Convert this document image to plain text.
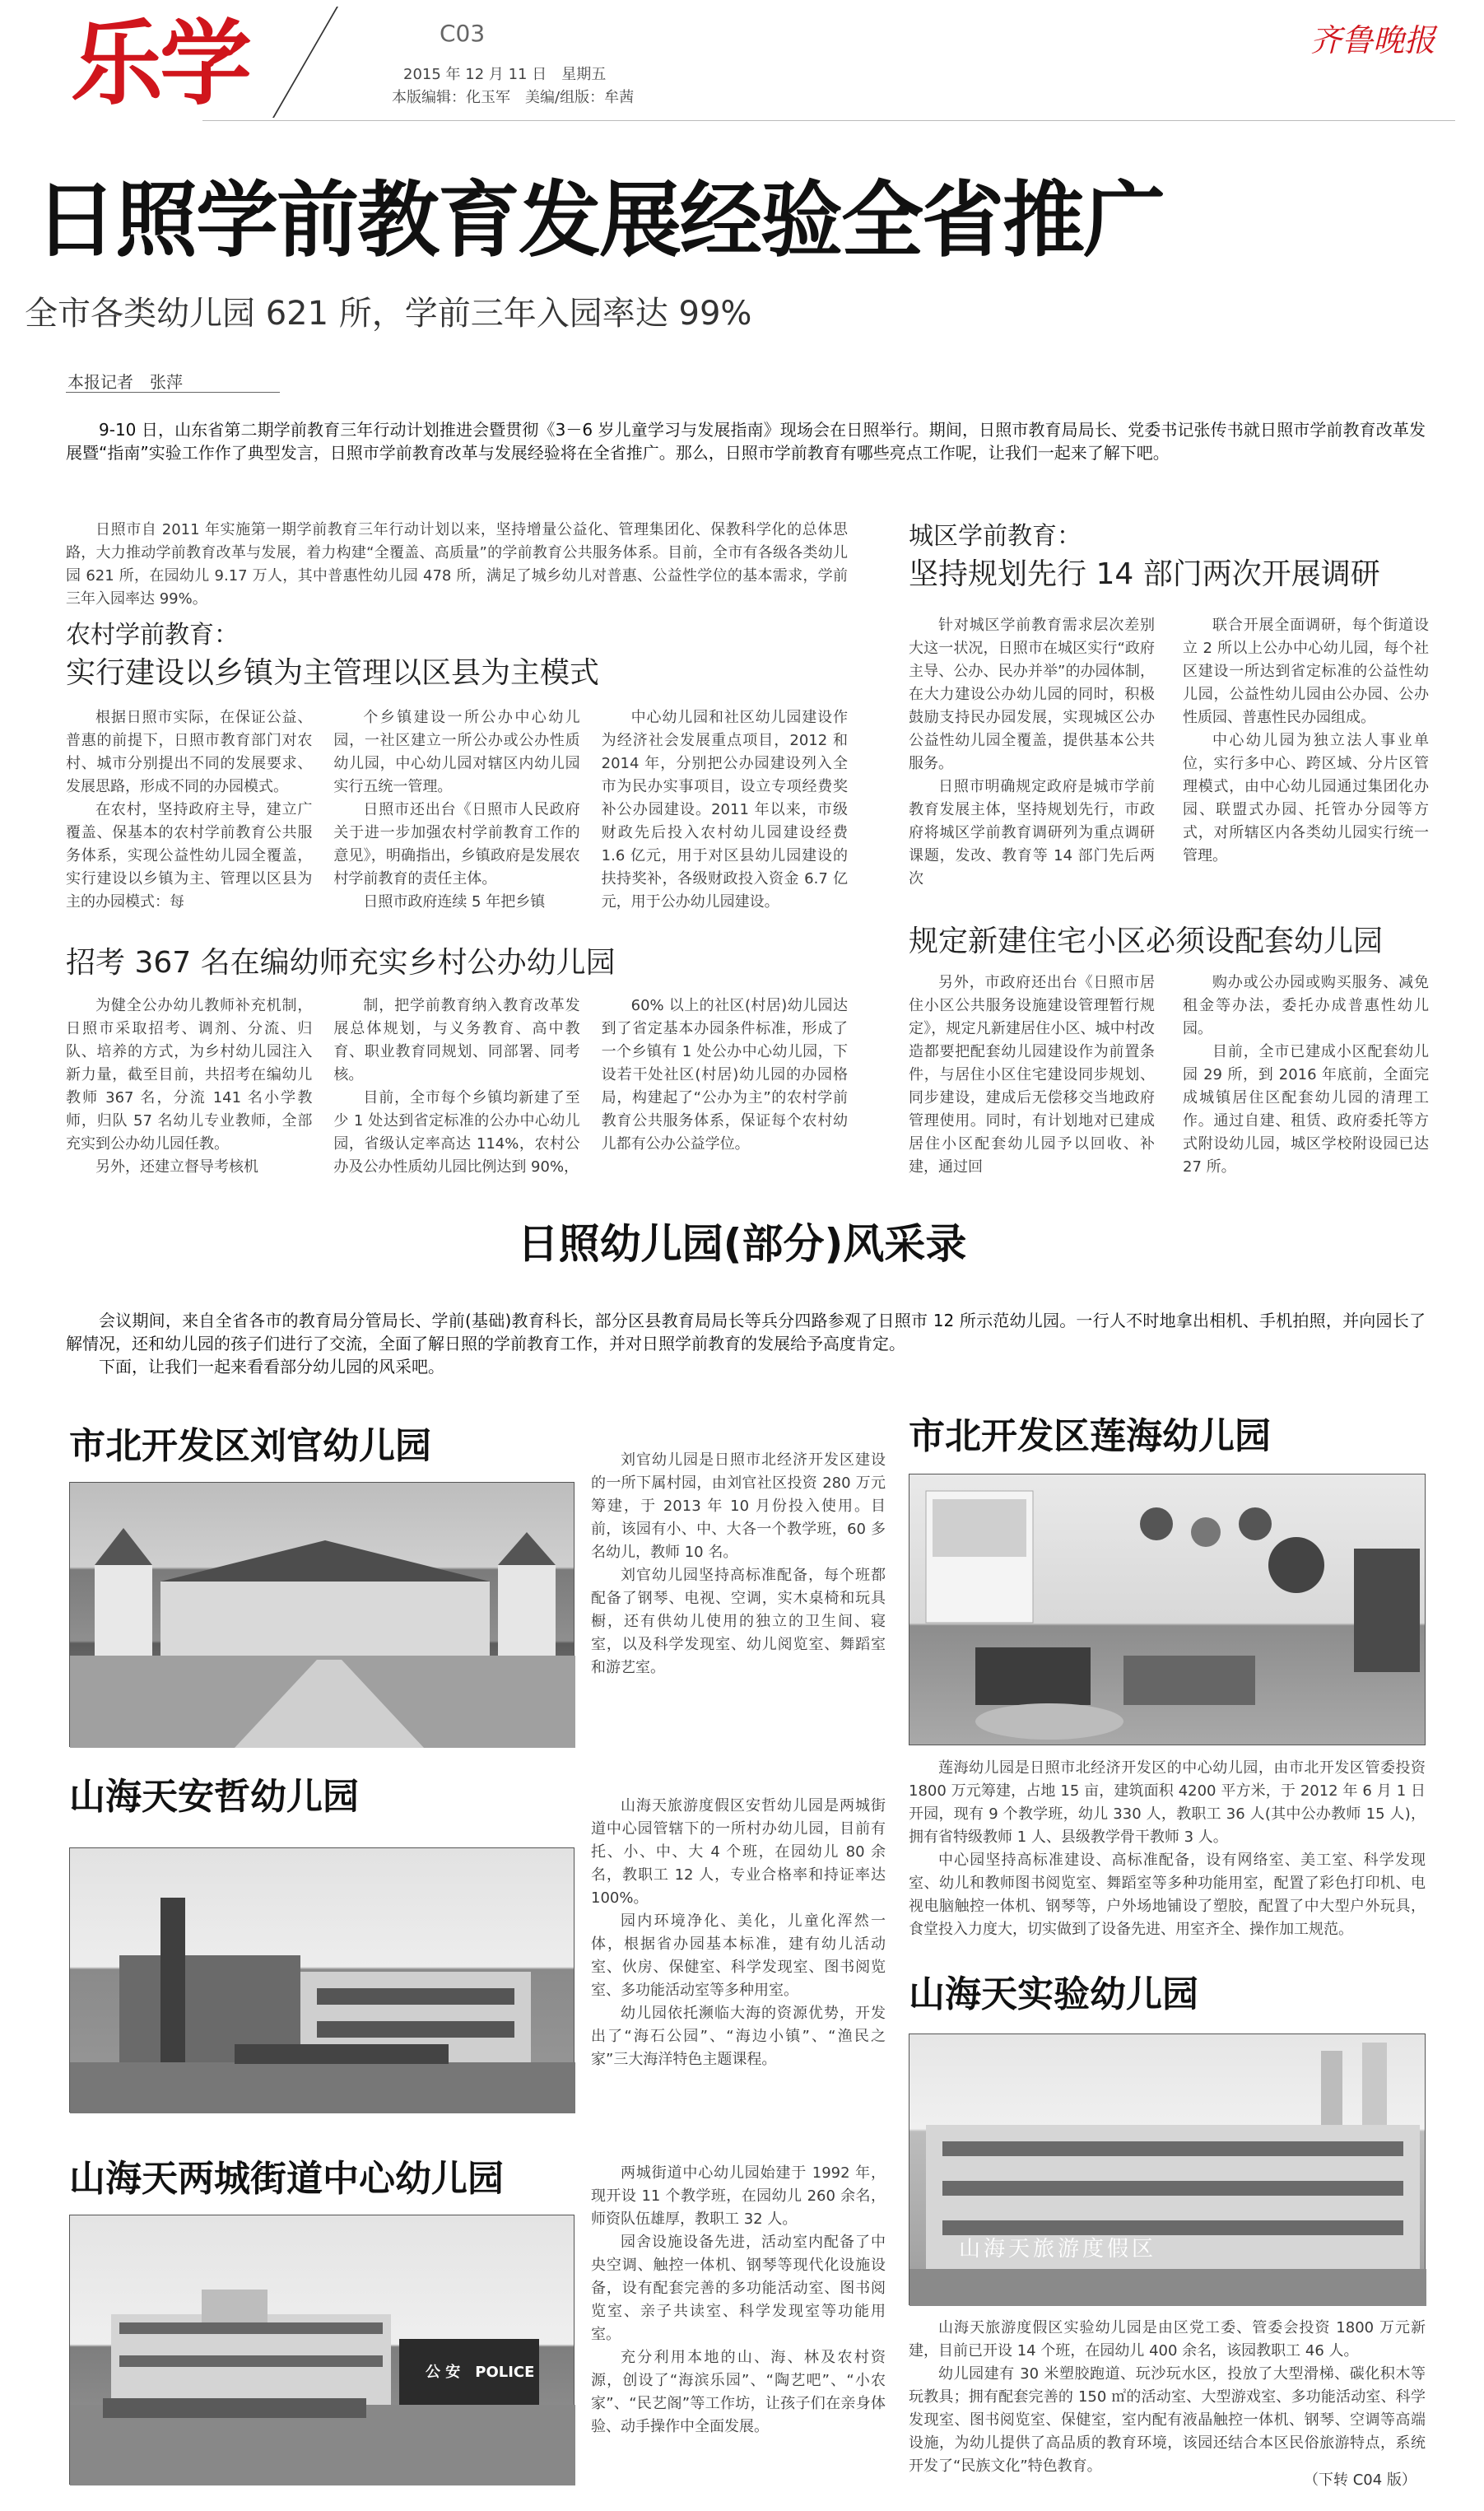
乐学	C03
2015 年 12 月 11 日　星期五
本版编辑：化玉军　美编/组版：牟茜
齐鲁晚报
日照学前教育发展经验全省推广
全市各类幼儿园 621 所，学前三年入园率达 99%
本报记者　张萍

9-10 日，山东省第二期学前教育三年行动计划推进会暨贯彻《3－6 岁儿童学习与发展指南》现场会在日照举行。期间，日照市教育局局长、党委书记张传书就日照市学前教育改革发展暨“指南”实验工作作了典型发言，日照市学前教育改革与发展经验将在全省推广。那么，日照市学前教育有哪些亮点工作呢，让我们一起来了解下吧。

日照市自 2011 年实施第一期学前教育三年行动计划以来，坚持增量公益化、管理集团化、保教科学化的总体思路，大力推动学前教育改革与发展，着力构建“全覆盖、高质量”的学前教育公共服务体系。目前，全市有各级各类幼儿园 621 所，在园幼儿 9.17 万人，其中普惠性幼儿园 478 所，满足了城乡幼儿对普惠、公益性学位的基本需求，学前三年入园率达 99%。

农村学前教育：
实行建设以乡镇为主管理以区县为主模式

根据日照市实际，在保证公益、普惠的前提下，日照市教育部门对农村、城市分别提出不同的发展要求、发展思路，形成不同的办园模式。

在农村，坚持政府主导，建立广覆盖、保基本的农村学前教育公共服务体系，实现公益性幼儿园全覆盖，实行建设以乡镇为主、管理以区县为主的办园模式：每

个乡镇建设一所公办中心幼儿园，一社区建立一所公办或公办性质幼儿园，中心幼儿园对辖区内幼儿园实行五统一管理。

日照市还出台《日照市人民政府关于进一步加强农村学前教育工作的意见》，明确指出，乡镇政府是发展农村学前教育的责任主体。

日照市政府连续 5 年把乡镇

中心幼儿园和社区幼儿园建设作为经济社会发展重点项目，2012 和 2014 年，分别把公办园建设列入全市为民办实事项目，设立专项经费奖补公办园建设。2011 年以来，市级财政先后投入农村幼儿园建设经费 1.6 亿元，用于对区县幼儿园建设的扶持奖补，各级财政投入资金 6.7 亿元，用于公办幼儿园建设。

招考 367 名在编幼师充实乡村公办幼儿园

为健全公办幼儿教师补充机制，日照市采取招考、调剂、分流、归队、培养的方式，为乡村幼儿园注入新力量，截至目前，共招考在编幼儿教师 367 名，分流 141 名小学教师，归队 57 名幼儿专业教师，全部充实到公办幼儿园任教。

另外，还建立督导考核机

制，把学前教育纳入教育改革发展总体规划，与义务教育、高中教育、职业教育同规划、同部署、同考核。

目前，全市每个乡镇均新建了至少 1 处达到省定标准的公办中心幼儿园，省级认定率高达 114%，农村公办及公办性质幼儿园比例达到 90%，

60% 以上的社区(村居)幼儿园达到了省定基本办园条件标准，形成了一个乡镇有 1 处公办中心幼儿园，下设若干处社区(村居)幼儿园的办园格局，构建起了“公办为主”的农村学前教育公共服务体系，保证每个农村幼儿都有公办公益学位。

城区学前教育：
坚持规划先行 14 部门两次开展调研

针对城区学前教育需求层次差别大这一状况，日照市在城区实行“政府主导、公办、民办并举”的办园体制，在大力建设公办幼儿园的同时，积极鼓励支持民办园发展，实现城区公办公益性幼儿园全覆盖，提供基本公共服务。

日照市明确规定政府是城市学前教育发展主体，坚持规划先行，市政府将城区学前教育调研列为重点调研课题，发改、教育等 14 部门先后两次

联合开展全面调研，每个街道设立 2 所以上公办中心幼儿园，每个社区建设一所达到省定标准的公益性幼儿园，公益性幼儿园由公办园、公办性质园、普惠性民办园组成。

中心幼儿园为独立法人事业单位，实行多中心、跨区域、分片区管理模式，由中心幼儿园通过集团化办园、联盟式办园、托管办分园等方式，对所辖区内各类幼儿园实行统一管理。

规定新建住宅小区必须设配套幼儿园

另外，市政府还出台《日照市居住小区公共服务设施建设管理暂行规定》，规定凡新建居住小区、城中村改造都要把配套幼儿园建设作为前置条件，与居住小区住宅建设同步规划、同步建设，建成后无偿移交当地政府管理使用。同时，有计划地对已建成居住小区配套幼儿园予以回收、补建，通过回

购办或公办园或购买服务、减免租金等办法，委托办成普惠性幼儿园。

目前，全市已建成小区配套幼儿园 29 所，到 2016 年底前，全面完成城镇居住区配套幼儿园的清理工作。通过自建、租赁、政府委托等方式附设幼儿园，城区学校附设园已达 27 所。

日照幼儿园(部分)风采录

会议期间，来自全省各市的教育局分管局长、学前(基础)教育科长，部分区县教育局局长等兵分四路参观了日照市 12 所示范幼儿园。一行人不时地拿出相机、手机拍照，并向园长了解情况，还和幼儿园的孩子们进行了交流，全面了解日照的学前教育工作，并对日照学前教育的发展给予高度肯定。

下面，让我们一起来看看部分幼儿园的风采吧。

市北开发区刘官幼儿园	刘官幼儿园是日照市北经济开发区建设的一所下属村园，由刘官社区投资 280 万元筹建，于 2013 年 10 月份投入使用。目前，该园有小、中、大各一个教学班，60 多名幼儿，教师 10 名。

刘官幼儿园坚持高标准配备，每个班都配备了钢琴、电视、空调，实木桌椅和玩具橱，还有供幼儿使用的独立的卫生间、寝室，以及科学发现室、幼儿阅览室、舞蹈室和游艺室。

山海天安哲幼儿园	山海天旅游度假区安哲幼儿园是两城街道中心园管辖下的一所村办幼儿园，目前有托、小、中、大 4 个班，在园幼儿 80 余名，教职工 12 人，专业合格率和持证率达 100%。

园内环境净化、美化，儿童化浑然一体，根据省办园基本标准，建有幼儿活动室、伙房、保健室、科学发现室、图书阅览室、多功能活动室等多种用室。

幼儿园依托濒临大海的资源优势，开发出了“海石公园”、“海边小镇”、“渔民之家”三大海洋特色主题课程。

山海天两城街道中心幼儿园
公 安　POLICE

两城街道中心幼儿园始建于 1992 年，现开设 11 个教学班，在园幼儿 260 余名，师资队伍雄厚，教职工 32 人。

园舍设施设备先进，活动室内配备了中央空调、触控一体机、钢琴等现代化设施设备，设有配套完善的多功能活动室、图书阅览室、亲子共读室、科学发现室等功能用室。

充分利用本地的山、海、林及农村资源，创设了“海滨乐园”、“陶艺吧”、“小农家”、“民艺阁”等工作坊，让孩子们在亲身体验、动手操作中全面发展。

市北开发区莲海幼儿园

莲海幼儿园是日照市北经济开发区的中心幼儿园，由市北开发区管委投资 1800 万元筹建，占地 15 亩，建筑面积 4200 平方米，于 2012 年 6 月 1 日开园，现有 9 个教学班，幼儿 330 人，教职工 36 人(其中公办教师 15 人)，拥有省特级教师 1 人、县级教学骨干教师 3 人。

中心园坚持高标准建设、高标准配备，设有网络室、美工室、科学发现室、幼儿和教师图书阅览室、舞蹈室等多种功能用室，配置了彩色打印机、电视电脑触控一体机、钢琴等，户外场地铺设了塑胶，配置了中大型户外玩具，食堂投入力度大，切实做到了设备先进、用室齐全、操作加工规范。

山海天实验幼儿园
山海天旅游度假区

山海天旅游度假区实验幼儿园是由区党工委、管委会投资 1800 万元新建，目前已开设 14 个班，在园幼儿 400 余名，该园教职工 46 人。

幼儿园建有 30 米塑胶跑道、玩沙玩水区，投放了大型滑梯、碳化积木等玩教具；拥有配套完善的 150 ㎡的活动室、大型游戏室、多功能活动室、科学发现室、图书阅览室、保健室，室内配有液晶触控一体机、钢琴、空调等高端设施，为幼儿提供了高品质的教育环境，该园还结合本区民俗旅游特点，系统开发了“民族文化”特色教育。

（下转 C04 版）
